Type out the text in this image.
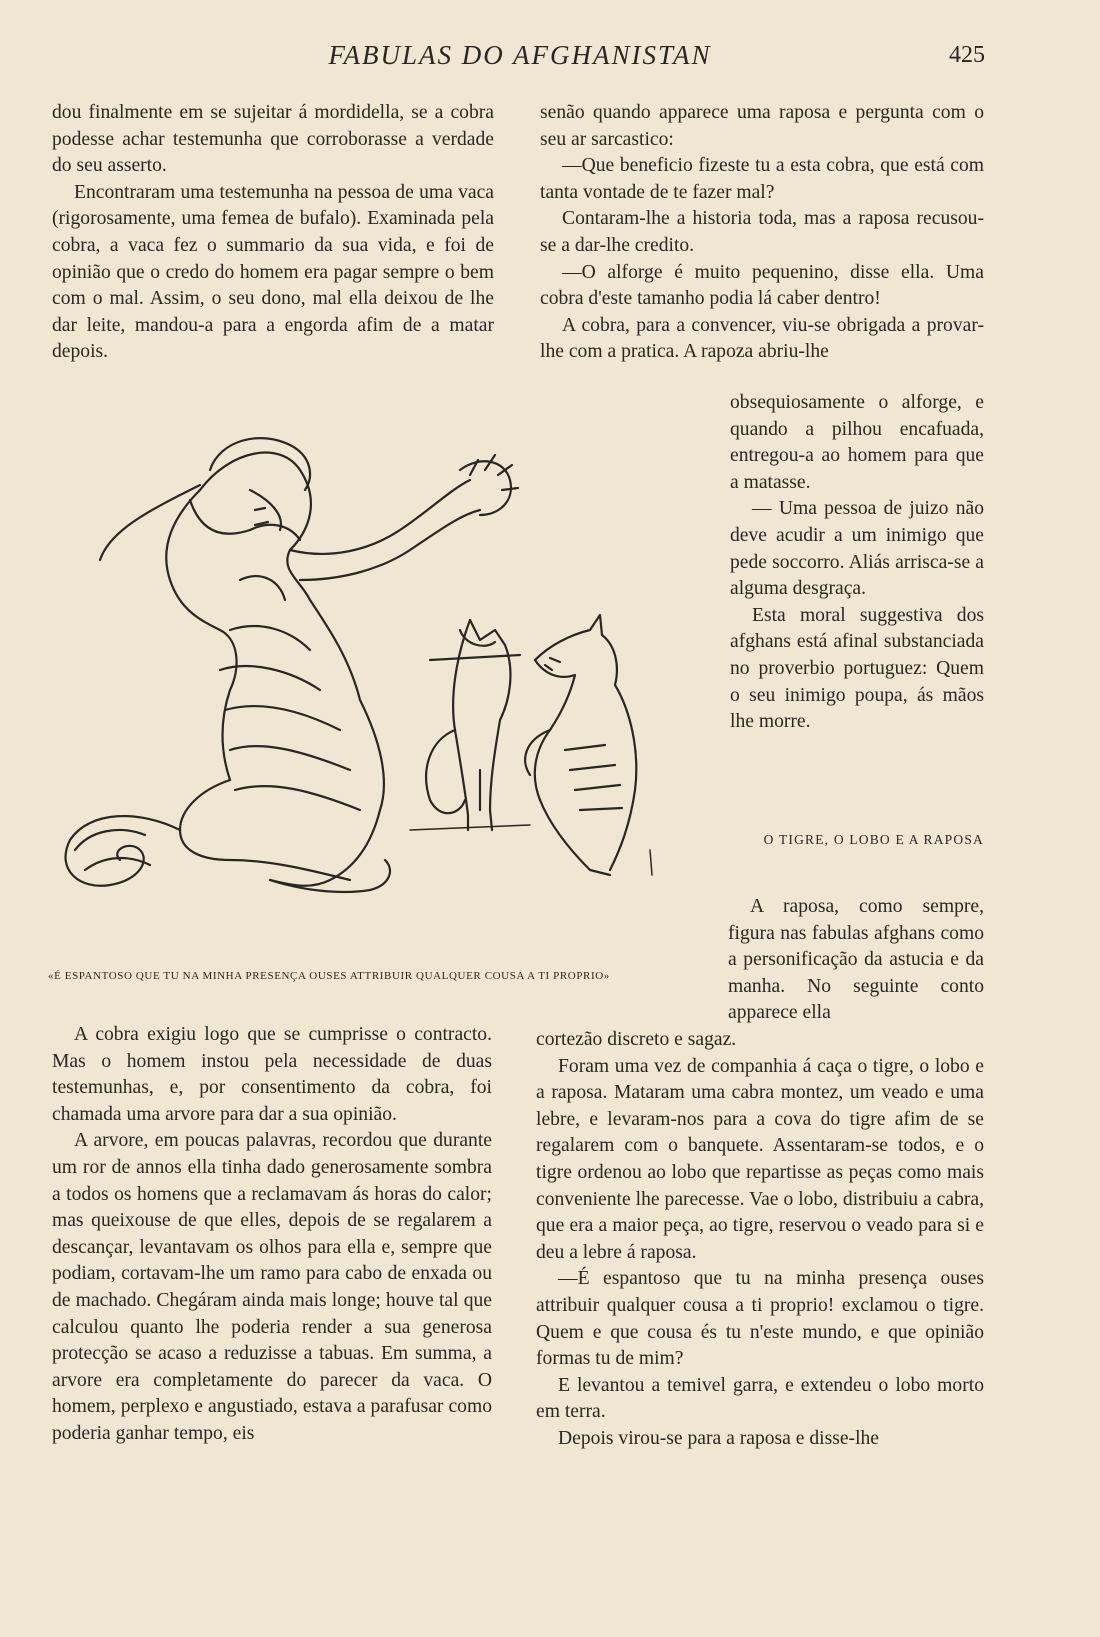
FABULAS DO AFGHANISTAN	425

dou finalmente em se sujeitar á mordidella, se a cobra podesse achar testemunha que corroborasse a verdade do seu asserto.

Encontraram uma testemunha na pessoa de uma vaca (rigorosamente, uma femea de bufalo). Examinada pela cobra, a vaca fez o summario da sua vida, e foi de opinião que o credo do homem era pagar sempre o bem com o mal. Assim, o seu dono, mal ella deixou de lhe dar leite, mandou-a para a engorda afim de a matar depois.

senão quando apparece uma raposa e pergunta com o seu ar sarcastico:

—Que beneficio fizeste tu a esta cobra, que está com tanta vontade de te fazer mal?

Contaram-lhe a historia toda, mas a raposa recusou-se a dar-lhe credito.

—O alforge é muito pequenino, disse ella. Uma cobra d'este tamanho podia lá caber dentro!

A cobra, para a convencer, viu-se obrigada a provar-lhe com a pratica. A rapoza abriu-lhe

obsequiosamente o alforge, e quando a pilhou encafuada, entregou-a ao homem para que a matasse.

— Uma pessoa de juizo não deve acudir a um inimigo que pede soccorro. Aliás arrisca-se a alguma desgraça.

Esta moral suggestiva dos afghans está afinal substanciada no proverbio portuguez: Quem o seu inimigo poupa, ás mãos lhe morre.

O TIGRE, O LOBO E A RAPOSA
«É ESPANTOSO QUE TU NA MINHA PRESENÇA OUSES ATTRIBUIR QUALQUER COUSA A TI PROPRIO»

A cobra exigiu logo que se cumprisse o contracto. Mas o homem instou pela necessidade de duas testemunhas, e, por consentimento da cobra, foi chamada uma arvore para dar a sua opinião.

A arvore, em poucas palavras, recordou que durante um ror de annos ella tinha dado generosamente sombra a todos os homens que a reclamavam ás horas do calor; mas queixouse de que elles, depois de se regalarem a descançar, levantavam os olhos para ella e, sempre que podiam, cortavam-lhe um ramo para cabo de enxada ou de machado. Chegáram ainda mais longe; houve tal que calculou quanto lhe poderia render a sua generosa protecção se acaso a reduzisse a tabuas. Em summa, a arvore era completamente do parecer da vaca. O homem, perplexo e angustiado, estava a parafusar como poderia ganhar tempo, eis

A raposa, como sempre, figura nas fabulas afghans como a personificação da astucia e da manha. No seguinte conto apparece ella

cortezão discreto e sagaz.

Foram uma vez de companhia á caça o tigre, o lobo e a raposa. Mataram uma cabra montez, um veado e uma lebre, e levaram-nos para a cova do tigre afim de se regalarem com o banquete. Assentaram-se todos, e o tigre ordenou ao lobo que repartisse as peças como mais conveniente lhe parecesse. Vae o lobo, distribuiu a cabra, que era a maior peça, ao tigre, reservou o veado para si e deu a lebre á raposa.

—É espantoso que tu na minha presença ouses attribuir qualquer cousa a ti proprio! exclamou o tigre. Quem e que cousa és tu n'este mundo, e que opinião formas tu de mim?

E levantou a temivel garra, e extendeu o lobo morto em terra.

Depois virou-se para a raposa e disse-lhe
